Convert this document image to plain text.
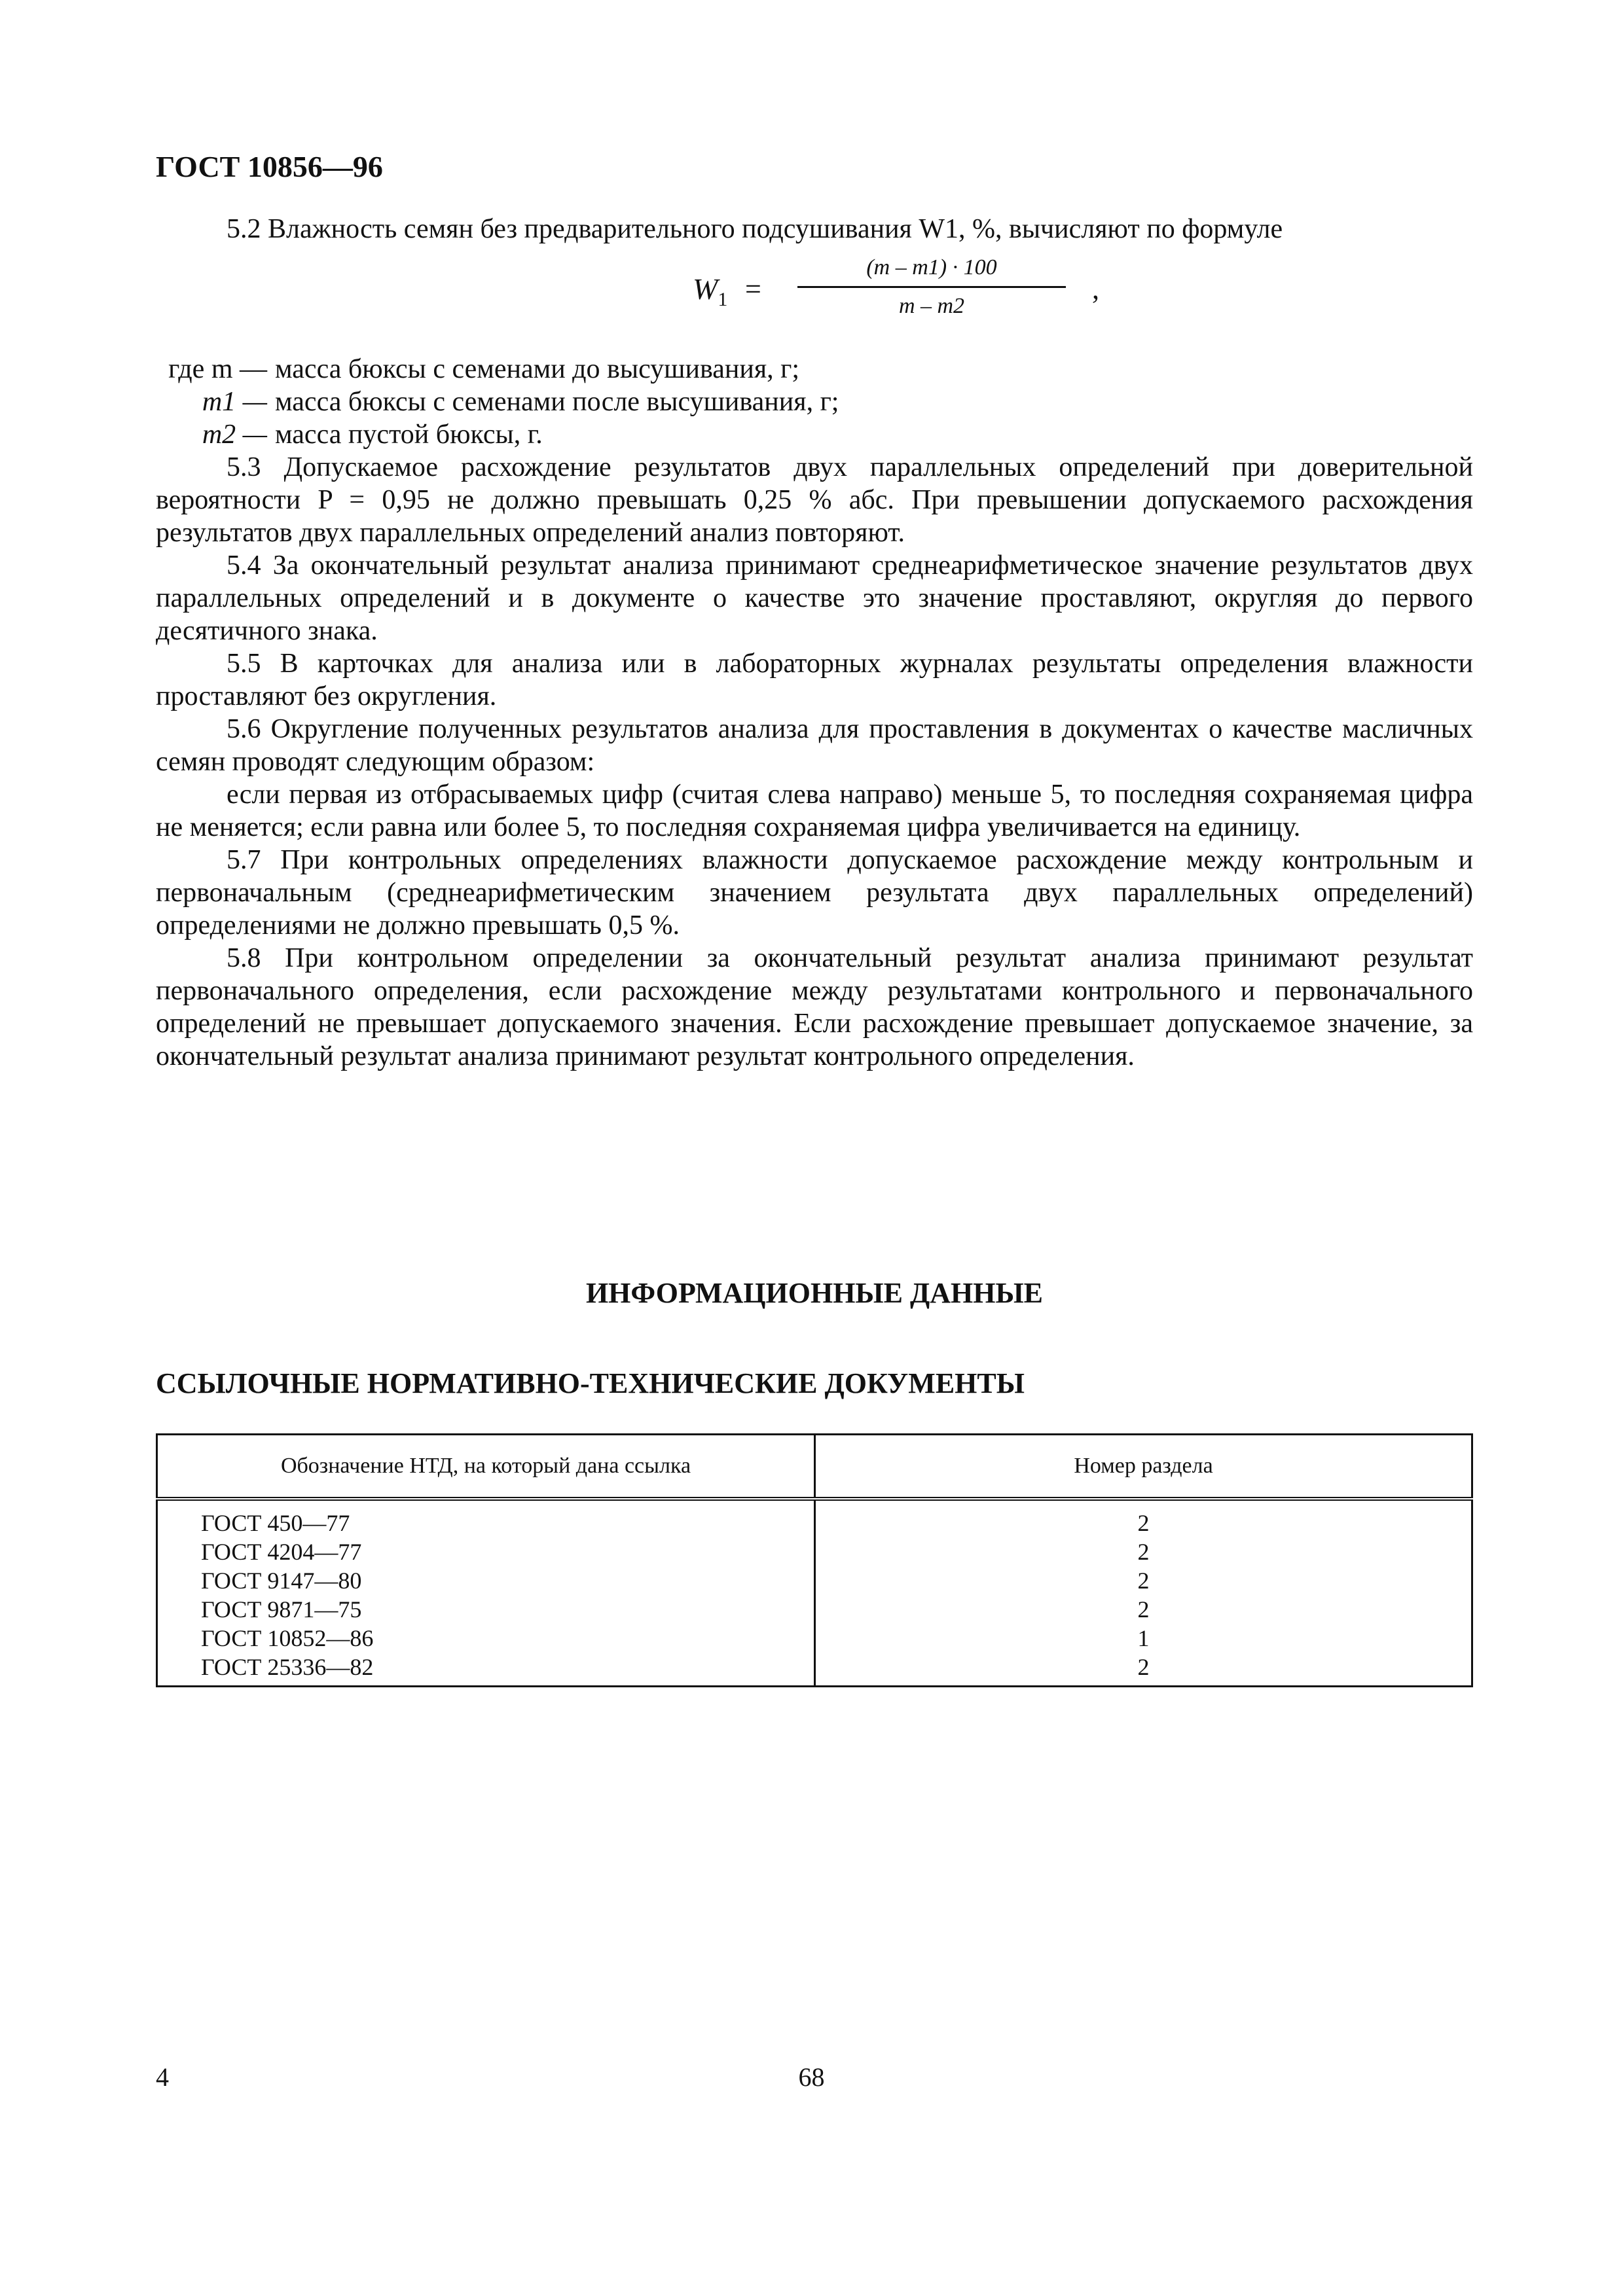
ГОСТ 10856—96

5.2 Влажность семян без предварительного подсушивания W1, %, вычисляют по формуле

$W_1$ =
(m – m1) · 100
m – m2
,
где m — масса бюксы с семенами до высушивания, г;
m1 — масса бюксы с семенами после высушивания, г;
m2 — масса пустой бюксы, г.

5.3 Допускаемое расхождение результатов двух параллельных определений при доверительной вероятности P = 0,95 не должно превышать 0,25 % абс. При превышении допускаемого расхождения результатов двух параллельных определений анализ повторяют.

5.4 За окончательный результат анализа принимают среднеарифметическое значение результатов двух параллельных определений и в документе о качестве это значение проставляют, округляя до первого десятичного знака.

5.5 В карточках для анализа или в лабораторных журналах результаты определения влажности проставляют без округления.

5.6 Округление полученных результатов анализа для проставления в документах о качестве масличных семян проводят следующим образом:

если первая из отбрасываемых цифр (считая слева направо) меньше 5, то последняя сохраняемая цифра не меняется; если равна или более 5, то последняя сохраняемая цифра увеличивается на единицу.

5.7 При контрольных определениях влажности допускаемое расхождение между контрольным и первоначальным (среднеарифметическим значением результата двух параллельных определений) определениями не должно превышать 0,5 %.

5.8 При контрольном определении за окончательный результат анализа принимают результат первоначального определения, если расхождение между результатами контрольного и первоначального определений не превышает допускаемого значения. Если расхождение превышает допускаемое значение, за окончательный результат анализа принимают результат контрольного определения.

ИНФОРМАЦИОННЫЕ ДАННЫЕ
ССЫЛОЧНЫЕ НОРМАТИВНО-ТЕХНИЧЕСКИЕ ДОКУМЕНТЫ
Обозначение НТД, на который дана ссылка	Номер раздела
ГОСТ 450—77	2
ГОСТ 4204—77	2
ГОСТ 9147—80	2
ГОСТ 9871—75	2
ГОСТ 10852—86	1
ГОСТ 25336—82	2
4	68
